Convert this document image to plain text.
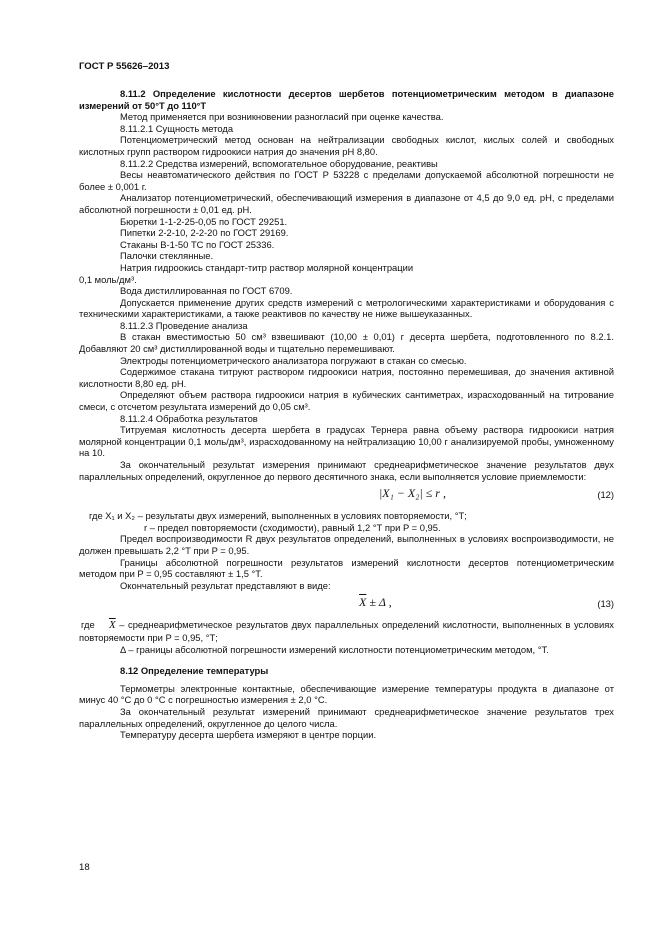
ГОСТ Р 55626–2013

8.11.2 Определение кислотности десертов шербетов потенциометрическим методом в диапазоне измерений от 50°Т до 110°Т

Метод применяется при возникновении разногласий при оценке качества.

8.11.2.1 Сущность метода

Потенциометрический метод основан на нейтрализации свободных кислот, кислых солей и свободных кислотных групп раствором гидроокиси натрия до значения pH 8,80.

8.11.2.2 Средства измерений, вспомогательное оборудование, реактивы

Весы неавтоматического действия по ГОСТ Р 53228 с пределами допускаемой абсолютной погрешности не более ± 0,001 г.

Анализатор потенциометрический, обеспечивающий измерения в диапазоне от 4,5 до 9,0 ед. pH, с пределами абсолютной погрешности ± 0,01 ед. pH.

Бюретки 1-1-2-25-0,05 по ГОСТ 29251.

Пипетки 2-2-10, 2-2-20 по ГОСТ 29169.

Стаканы В-1-50 ТС по ГОСТ 25336.

Палочки стеклянные.

Натрия гидроокись стандарт-титр раствор молярной концентрации

0,1 моль/дм³.

Вода дистиллированная по ГОСТ 6709.

Допускается применение других средств измерений с метрологическими характеристиками и оборудования с техническими характеристиками, а также реактивов по качеству не ниже вышеуказанных.

8.11.2.3 Проведение анализа

В стакан вместимостью 50 см³ взвешивают (10,00 ± 0,01) г десерта шербета, подготовленного по 8.2.1. Добавляют 20 см³ дистиллированной воды и тщательно перемешивают.

Электроды потенциометрического анализатора погружают в стакан со смесью.

Содержимое стакана титруют раствором гидроокиси натрия, постоянно перемешивая, до значения активной кислотности 8,80 ед. pH.

Определяют объем раствора гидроокиси натрия в кубических сантиметрах, израсходованный на титрование смеси, с отсчетом результата измерений до 0,05 см³.

8.11.2.4 Обработка результатов

Титруемая кислотность десерта шербета в градусах Тернера равна объему раствора гидроокиси натрия молярной концентрации 0,1 моль/дм³, израсходованному на нейтрализацию 10,00 г анализируемой пробы, умноженному на 10.

За окончательный результат измерения принимают среднеарифметическое значение результатов двух параллельных определений, округленное до первого десятичного знака, если выполняется условие приемлемости:

|X₁ − X₂| ≤ r ,	(12)

где X₁ и X₂ – результаты двух измерений, выполненных в условиях повторяемости, °Т;

r – предел повторяемости (сходимости), равный 1,2 °Т при P = 0,95.

Предел воспроизводимости R двух результатов определений, выполненных в условиях воспроизводимости, не должен превышать 2,2 °Т при P = 0,95.

Границы абсолютной погрешности результатов измерений кислотности десертов потенциометрическим методом при P = 0,95 составляют ± 1,5 °Т.

Окончательный результат представляют в виде:

$\overline{X} \pm \Delta$ ,	(13)

где $\overline{X}$ – среднеарифметическое результатов двух параллельных определений кислотности, выполненных в условиях повторяемости при P = 0,95, °Т;

Δ – границы абсолютной погрешности измерений кислотности потенциометрическим методом, °Т.

8.12 Определение температуры

Термометры электронные контактные, обеспечивающие измерение температуры продукта в диапазоне от минус 40 °С до 0 °С с погрешностью измерения ± 2,0 °С.

За окончательный результат измерений принимают среднеарифметическое значение результатов трех параллельных определений, округленное до целого числа.

Температуру десерта шербета измеряют в центре порции.

18
